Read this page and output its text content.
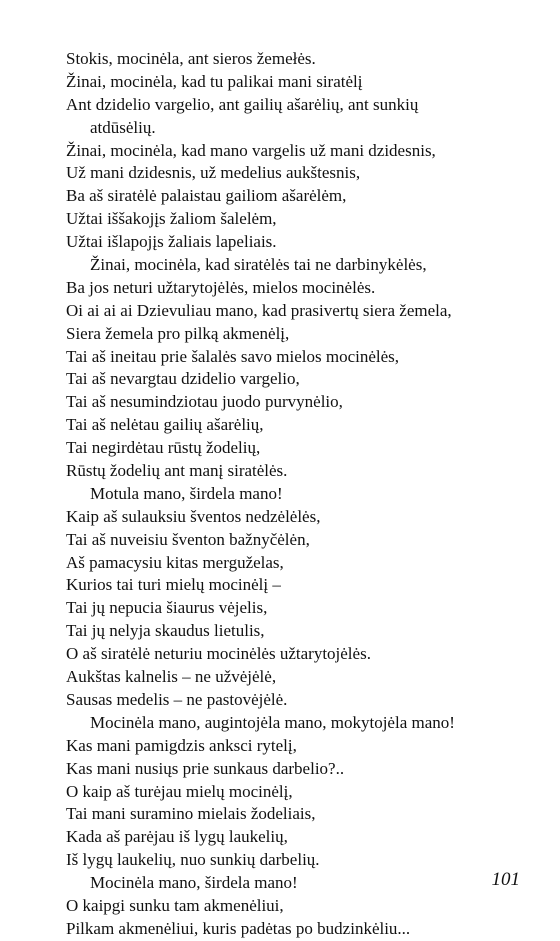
Stokis, mocinėla, ant sieros žemełės.
Žinai, mocinėla, kad tu palikai mani siratėlį
Ant dzidelio vargelio, ant gailių ašarėlių, ant sunkių
atdūsėlių.
Žinai, mocinėla, kad mano vargelis už mani dzidesnis,
Už mani dzidesnis, už medelius aukštesnis,
Ba aš siratėlė palaistau gailiom ašarėlėm,
Užtai iššakojįs žaliom šalelėm,
Užtai išlapojįs žaliais lapeliais.
Žinai, mocinėla, kad siratėlės tai ne darbinykėlės,
Ba jos neturi užtarytojėlės, mielos mocinėlės.
Oi ai ai ai Dzievuliau mano, kad prasivertų siera žemela,
Siera žemela pro pilką akmenėlį,
Tai aš ineitau prie šalalės savo mielos mocinėlės,
Tai aš nevargtau dzidelio vargelio,
Tai aš nesumindziotau juodo purvynėlio,
Tai aš nelėtau gailių ašarėlių,
Tai negirdėtau rūstų žodelių,
Rūstų žodelių ant manį siratėlės.
Motula mano, širdela mano!
Kaip aš sulauksiu šventos nedzėlėlės,
Tai aš nuveisiu šventon bažnyčėlėn,
Aš pamacysiu kitas merguželas,
Kurios tai turi mielų mocinėlį –
Tai jų nepucia šiaurus vėjelis,
Tai jų nelyja skaudus lietulis,
O aš siratėlė neturiu mocinėlės užtarytojėlės.
Aukštas kalnelis – ne užvėjėlė,
Sausas medelis – ne pastovėjėlė.
Mocinėla mano, augintojėla mano, mokytojėla mano!
Kas mani pamigdzis anksci rytelį,
Kas mani nusiųs prie sunkaus darbelio?..
O kaip aš turėjau mielų mocinėlį,
Tai mani suramino mielais žodeliais,
Kada aš parėjau iš lygų laukelių,
Iš lygų laukelių, nuo sunkių darbelių.
Mocinėla mano, širdela mano!
O kaipgi sunku tam akmenėliui,
Pilkam akmenėliui, kuris padėtas po budzinkėliu...
101
